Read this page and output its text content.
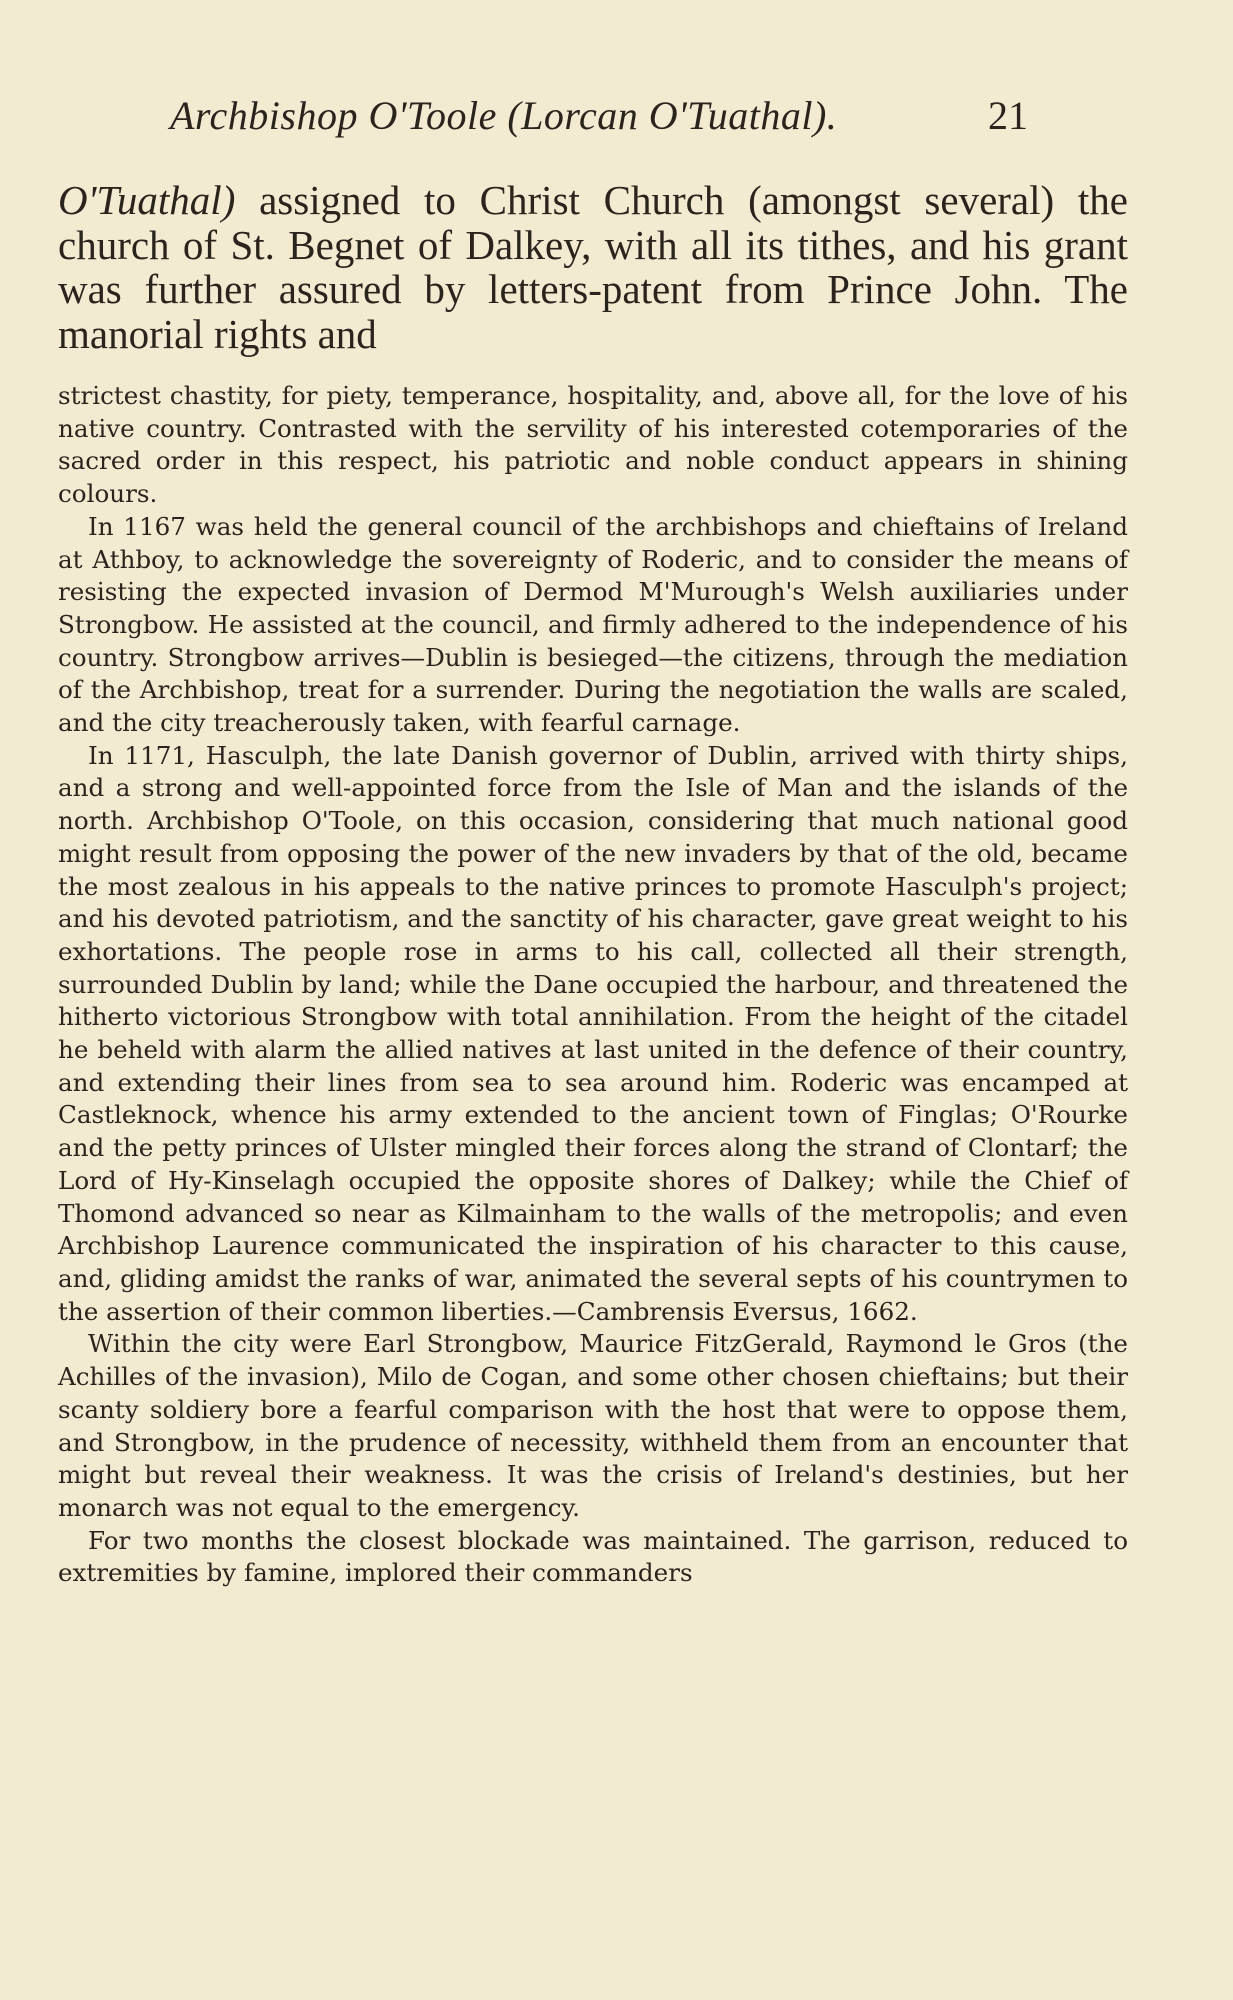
Archbishop O'Toole (Lorcan O'Tuathal).	21
O'Tuathal) assigned to Christ Church (amongst several) the church of St. Begnet of Dalkey, with all its tithes, and his grant was further assured by letters-patent from Prince John. The manorial rights and

strictest chastity, for piety, temperance, hospitality, and, above all, for the love of his native country. Contrasted with the servility of his interested cotemporaries of the sacred order in this respect, his patriotic and noble conduct appears in shining colours.

In 1167 was held the general council of the archbishops and chieftains of Ireland at Athboy, to acknowledge the sovereignty of Roderic, and to consider the means of resisting the expected invasion of Dermod M'Murough's Welsh auxiliaries under Strongbow. He assisted at the council, and firmly adhered to the independence of his country. Strongbow arrives—Dublin is besieged—the citizens, through the mediation of the Archbishop, treat for a surrender. During the negotiation the walls are scaled, and the city treacherously taken, with fearful carnage.

In 1171, Hasculph, the late Danish governor of Dublin, arrived with thirty ships, and a strong and well-appointed force from the Isle of Man and the islands of the north. Archbishop O'Toole, on this occasion, considering that much national good might result from opposing the power of the new invaders by that of the old, became the most zealous in his appeals to the native princes to promote Hasculph's project; and his devoted patriotism, and the sanctity of his character, gave great weight to his exhortations. The people rose in arms to his call, collected all their strength, surrounded Dublin by land; while the Dane occupied the harbour, and threatened the hitherto victorious Strongbow with total annihilation. From the height of the citadel he beheld with alarm the allied natives at last united in the defence of their country, and extending their lines from sea to sea around him. Roderic was encamped at Castleknock, whence his army extended to the ancient town of Finglas; O'Rourke and the petty princes of Ulster mingled their forces along the strand of Clontarf; the Lord of Hy-Kinselagh occupied the opposite shores of Dalkey; while the Chief of Thomond advanced so near as Kilmainham to the walls of the metropolis; and even Archbishop Laurence communicated the inspiration of his character to this cause, and, gliding amidst the ranks of war, animated the several septs of his countrymen to the assertion of their common liberties.—Cambrensis Eversus, 1662.

Within the city were Earl Strongbow, Maurice FitzGerald, Raymond le Gros (the Achilles of the invasion), Milo de Cogan, and some other chosen chieftains; but their scanty soldiery bore a fearful comparison with the host that were to oppose them, and Strongbow, in the prudence of necessity, withheld them from an encounter that might but reveal their weakness. It was the crisis of Ireland's destinies, but her monarch was not equal to the emergency.

For two months the closest blockade was maintained. The garrison, reduced to extremities by famine, implored their commanders
